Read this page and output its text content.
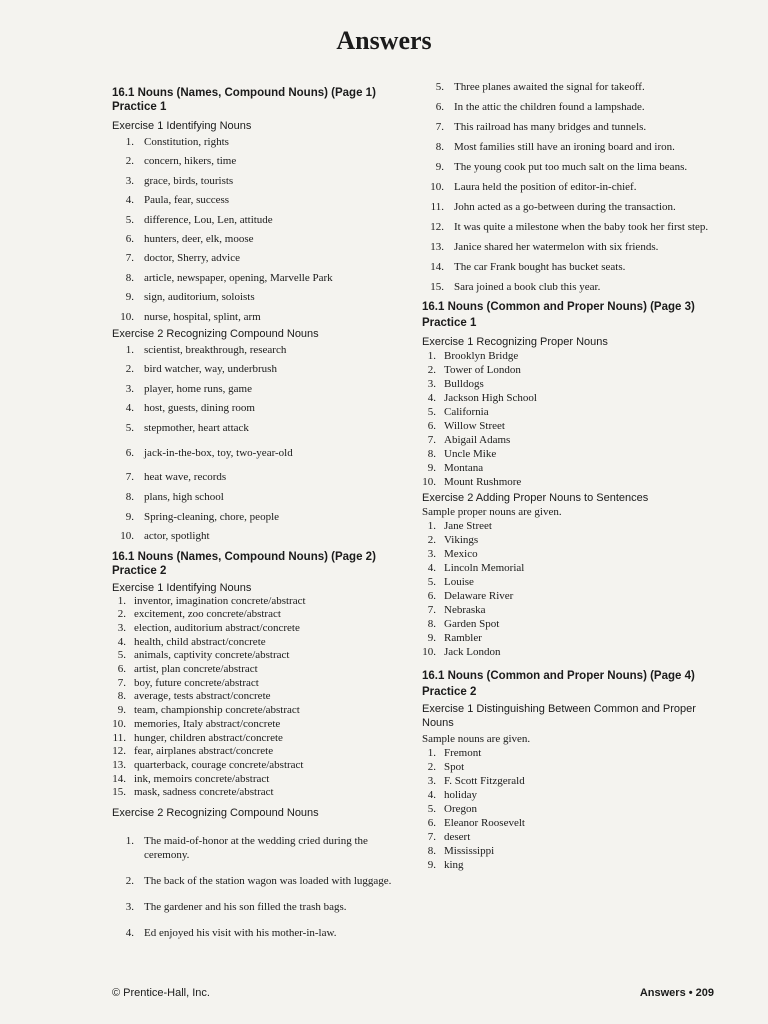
Answers
16.1 Nouns (Names, Compound Nouns) (Page 1)
Practice 1
Exercise 1 Identifying Nouns
1. Constitution, rights
2. concern, hikers, time
3. grace, birds, tourists
4. Paula, fear, success
5. difference, Lou, Len, attitude
6. hunters, deer, elk, moose
7. doctor, Sherry, advice
8. article, newspaper, opening, Marvelle Park
9. sign, auditorium, soloists
10. nurse, hospital, splint, arm
Exercise 2 Recognizing Compound Nouns
1. scientist, breakthrough, research
2. bird watcher, way, underbrush
3. player, home runs, game
4. host, guests, dining room
5. stepmother, heart attack
6. jack-in-the-box, toy, two-year-old
7. heat wave, records
8. plans, high school
9. Spring-cleaning, chore, people
10. actor, spotlight
16.1 Nouns (Names, Compound Nouns) (Page 2)
Practice 2
Exercise 1 Identifying Nouns
1. inventor, imagination concrete/abstract
2. excitement, zoo concrete/abstract
3. election, auditorium abstract/concrete
4. health, child abstract/concrete
5. animals, captivity concrete/abstract
6. artist, plan concrete/abstract
7. boy, future concrete/abstract
8. average, tests abstract/concrete
9. team, championship concrete/abstract
10. memories, Italy abstract/concrete
11. hunger, children abstract/concrete
12. fear, airplanes abstract/concrete
13. quarterback, courage concrete/abstract
14. ink, memoirs concrete/abstract
15. mask, sadness concrete/abstract
Exercise 2 Recognizing Compound Nouns
1. The maid-of-honor at the wedding cried during the ceremony.
2. The back of the station wagon was loaded with luggage.
3. The gardener and his son filled the trash bags.
4. Ed enjoyed his visit with his mother-in-law.
5. Three planes awaited the signal for takeoff.
6. In the attic the children found a lampshade.
7. This railroad has many bridges and tunnels.
8. Most families still have an ironing board and iron.
9. The young cook put too much salt on the lima beans.
10. Laura held the position of editor-in-chief.
11. John acted as a go-between during the transaction.
12. It was quite a milestone when the baby took her first step.
13. Janice shared her watermelon with six friends.
14. The car Frank bought has bucket seats.
15. Sara joined a book club this year.
16.1 Nouns (Common and Proper Nouns) (Page 3)
Practice 1
Exercise 1 Recognizing Proper Nouns
1. Brooklyn Bridge
2. Tower of London
3. Bulldogs
4. Jackson High School
5. California
6. Willow Street
7. Abigail Adams
8. Uncle Mike
9. Montana
10. Mount Rushmore
Exercise 2 Adding Proper Nouns to Sentences
Sample proper nouns are given.
1. Jane Street
2. Vikings
3. Mexico
4. Lincoln Memorial
5. Louise
6. Delaware River
7. Nebraska
8. Garden Spot
9. Rambler
10. Jack London
16.1 Nouns (Common and Proper Nouns) (Page 4)
Practice 2
Exercise 1 Distinguishing Between Common and Proper Nouns
Sample nouns are given.
1. Fremont
2. Spot
3. F. Scott Fitzgerald
4. holiday
5. Oregon
6. Eleanor Roosevelt
7. desert
8. Mississippi
9. king
© Prentice-Hall, Inc.	Answers • 209
